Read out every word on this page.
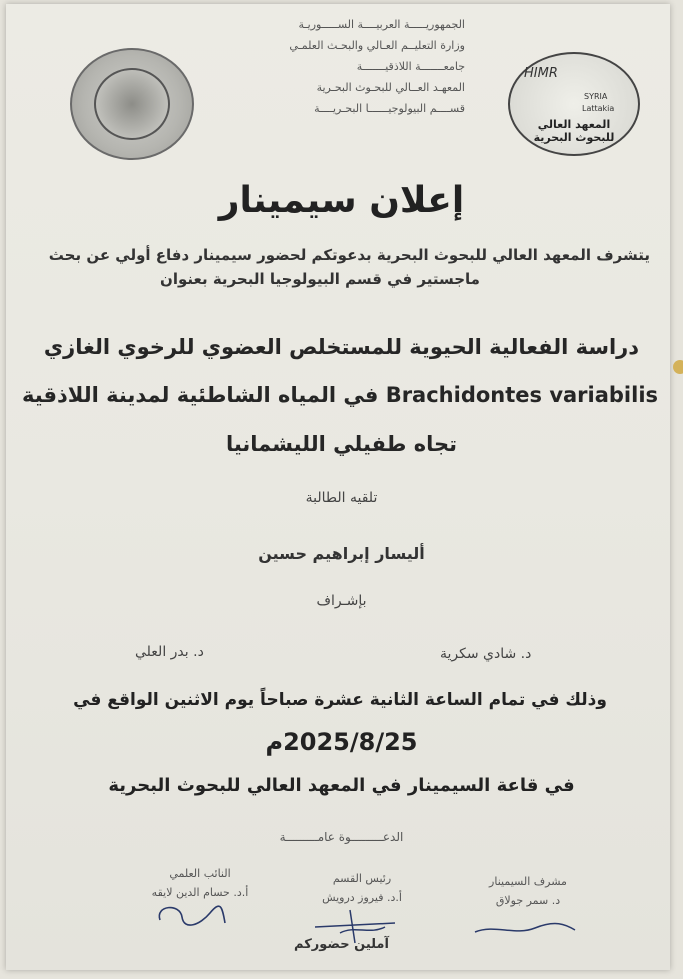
الجمهوريـــــة العربيــــة الســـــوريـة
وزارة التعليــم العـالي والبحـث العلمـي
جامعـــــــة اللاذقيـــــــة
المعهـد العــالي للبحـوث البحـرية
قســــم البيولوجيــــــا البحـريــــة
HIMR
SYRIA
Lattakia
المعهد العالي للبحوث البحرية
إعلان سيمينار
يتشرف المعهد العالي للبحوث البحرية بدعوتكم لحضور سيمينار دفاع أولي عن بحث
ماجستير في قسم البيولوجيا البحرية بعنوان
دراسة الفعالية الحيوية للمستخلص العضوي للرخوي الغازي
Brachidontes variabilis في المياه الشاطئية لمدينة اللاذقية
تجاه طفيلي الليشمانيا
تلقيه الطالبة
أليسار إبراهيم حسين
بإشـراف
د. شادي سكرية
د. بدر العلي
وذلك في تمام الساعة الثانية عشرة صباحاً يوم الاثنين الواقع في
2025/8/25م
في قاعة السيمينار في المعهد العالي للبحوث البحرية
الدعـــــــــوة عامـــــــــة
مشرف السيمينار
د. سمر جولاق
رئيس القسم
أ.د. فيروز درويش
النائب العلمي
أ.د. حسام الدين لايقه
آملين حضوركم
